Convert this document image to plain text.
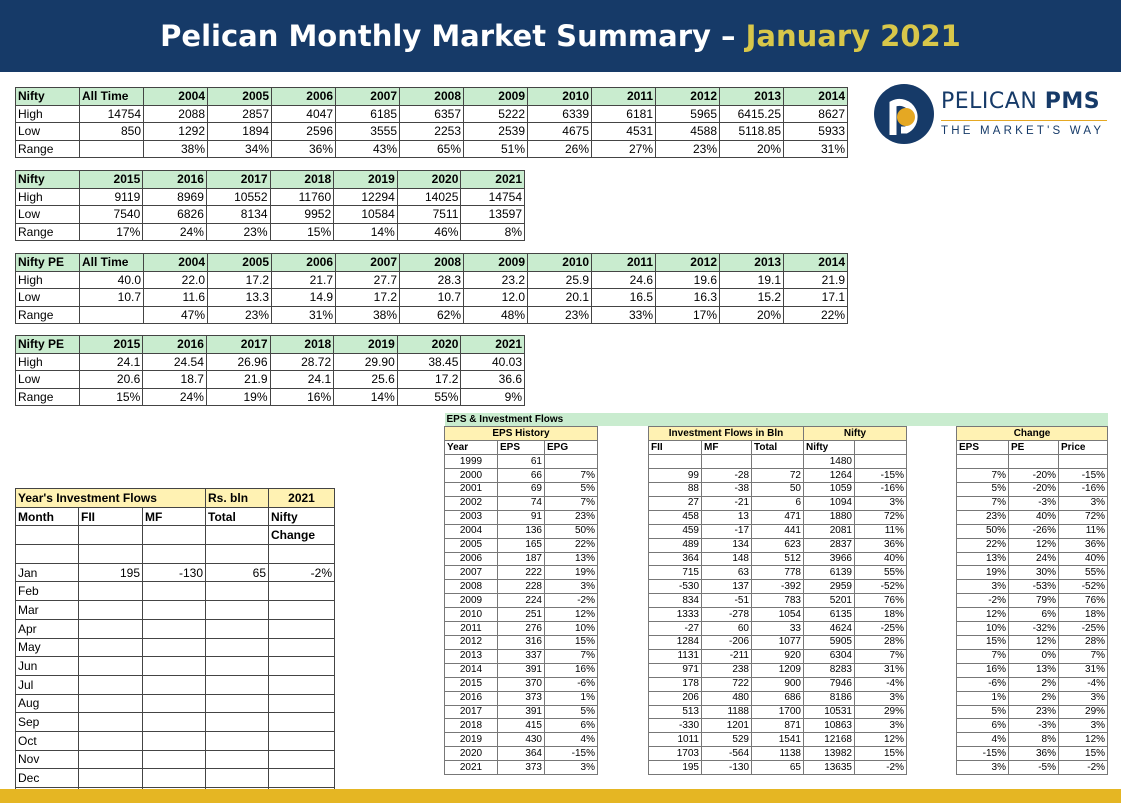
Pelican Monthly Market Summary – January 2021
PELICAN PMS
THE MARKET'S WAY
Nifty	All Time	2004	2005	2006	2007	2008	2009	2010	2011	2012	2013	2014
High	14754	2088	2857	4047	6185	6357	5222	6339	6181	5965	6415.25	8627
Low	850	1292	1894	2596	3555	2253	2539	4675	4531	4588	5118.85	5933
Range		38%	34%	36%	43%	65%	51%	26%	27%	23%	20%	31%
Nifty	2015	2016	2017	2018	2019	2020	2021
High	9119	8969	10552	11760	12294	14025	14754
Low	7540	6826	8134	9952	10584	7511	13597
Range	17%	24%	23%	15%	14%	46%	8%
Nifty PE	All Time	2004	2005	2006	2007	2008	2009	2010	2011	2012	2013	2014
High	40.0	22.0	17.2	21.7	27.7	28.3	23.2	25.9	24.6	19.6	19.1	21.9
Low	10.7	11.6	13.3	14.9	17.2	10.7	12.0	20.1	16.5	16.3	15.2	17.1
Range		47%	23%	31%	38%	62%	48%	23%	33%	17%	20%	22%
Nifty PE	2015	2016	2017	2018	2019	2020	2021
High	24.1	24.54	26.96	28.72	29.90	38.45	40.03
Low	20.6	18.7	21.9	24.1	25.6	17.2	36.6
Range	15%	24%	19%	16%	14%	55%	9%
Year's Investment Flows			Rs. bln	2021
Month	FII	MF	Total	Nifty
				Change

Jan	195	-130	65	-2%
Feb				
Mar				
Apr				
May				
Jun				
Jul				
Aug				
Sep				
Oct				
Nov				
Dec				

EPS & Investment Flows												
EPS History				Investment Flows in Bln			Nifty			Change		
Year	EPS	EPG		FII	MF	Total	Nifty			EPS	PE	Price
1999	61						1480					
2000	66	7%		99	-28	72	1264	-15%		7%	-20%	-15%
2001	69	5%		88	-38	50	1059	-16%		5%	-20%	-16%
2002	74	7%		27	-21	6	1094	3%		7%	-3%	3%
2003	91	23%		458	13	471	1880	72%		23%	40%	72%
2004	136	50%		459	-17	441	2081	11%		50%	-26%	11%
2005	165	22%		489	134	623	2837	36%		22%	12%	36%
2006	187	13%		364	148	512	3966	40%		13%	24%	40%
2007	222	19%		715	63	778	6139	55%		19%	30%	55%
2008	228	3%		-530	137	-392	2959	-52%		3%	-53%	-52%
2009	224	-2%		834	-51	783	5201	76%		-2%	79%	76%
2010	251	12%		1333	-278	1054	6135	18%		12%	6%	18%
2011	276	10%		-27	60	33	4624	-25%		10%	-32%	-25%
2012	316	15%		1284	-206	1077	5905	28%		15%	12%	28%
2013	337	7%		1131	-211	920	6304	7%		7%	0%	7%
2014	391	16%		971	238	1209	8283	31%		16%	13%	31%
2015	370	-6%		178	722	900	7946	-4%		-6%	2%	-4%
2016	373	1%		206	480	686	8186	3%		1%	2%	3%
2017	391	5%		513	1188	1700	10531	29%		5%	23%	29%
2018	415	6%		-330	1201	871	10863	3%		6%	-3%	3%
2019	430	4%		1011	529	1541	12168	12%		4%	8%	12%
2020	364	-15%		1703	-564	1138	13982	15%		-15%	36%	15%
2021	373	3%		195	-130	65	13635	-2%		3%	-5%	-2%
